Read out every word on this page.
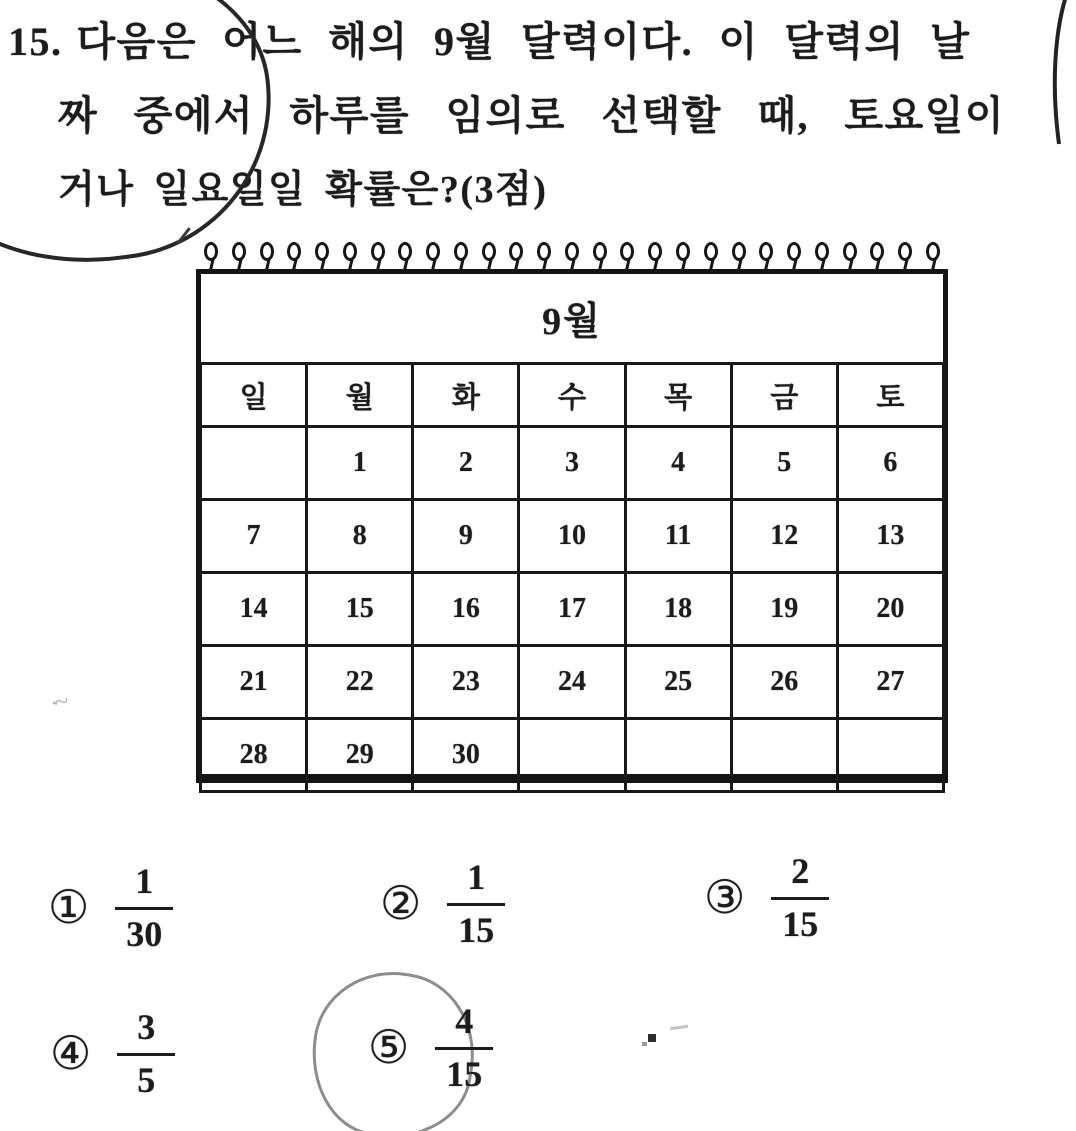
15. 다음은 어느 해의 9월 달력이다. 이 달력의 날
짜 중에서 하루를 임의로 선택할 때, 토요일이
거나 일요일일 확률은?(3점)
9월
일	월	화	수	목	금	토
	1	2	3	4	5	6
7	8	9	10	11	12	13
14	15	16	17	18	19	20
21	22	23	24	25	26	27
28	29	30				
·~
① $\frac{1}{30}$	② $\frac{1}{15}$	③ $\frac{2}{15}$
④ $\frac{3}{5}$	⑤ $\frac{4}{15}$
